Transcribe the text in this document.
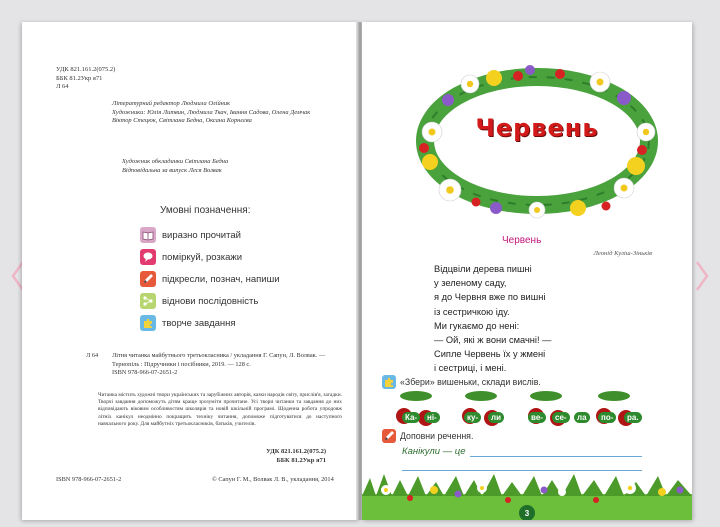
УДК 821.161.2(075.2)
ББК 81.2Укр я71
Л 64
Літературний редактор Людмила Олійник
Художники: Юлія Литвин, Людмила Ткач, Івання Садова, Олена Демчак
Віктор Стецюк, Світлана Бедна, Оксана Корнєєва
Художник обкладинки Світлана Бедна
Відповідальна за випуск Леся Волвак
Умовні позначення:
виразно прочитай
поміркуй, розкажи
підкресли, познач, напиши
віднови послідовність
творче завдання
Л 64 Літня читанка майбутнього третьокласника / укладання Г. Сапун, Л. Волвак. — Тернопіль : Підручники і посібники, 2019. — 128 с.
ISBN 978-966-07-2651-2
Читанка містить художні твори українських та зарубіжних авторів, казки народів світу, прислів'я, загадки. Творчі завдання допоможуть дітям краще зрозуміти прочитане. Усі твори читанки та завдання до них відповідають віковим особливостям школярів та новій шкільній програмі. Щоденна робота упродовж літніх канікул неодмінно покращить техніку читання, допоможе підготуватися до наступного навчального року. Для майбутніх третьокласників, батьків, учителів.
УДК 821.161.2(075.2)
ББК 81.2Укр я71
ISBN 978-966-07-2651-2	© Сапун Г. М., Волвак Л. В., укладання, 2014
Червень
Червень
Леонід Куліш-Зіньків
Відцвіли дерева пишні
у зеленому саду,
я до Червня вже по вишні
із сестричкою іду.
Ми гукаємо до нені:
— Ой, які ж вони смачні! —
Сипле Червень їх у жмені
і сестриці, і мені.
«Збери» вишеньки, склади вислів.
Ка-	ні-	ку-	ли	ве-	се-	ла	по-	ра.
Доповни речення.
Канікули — це
3
